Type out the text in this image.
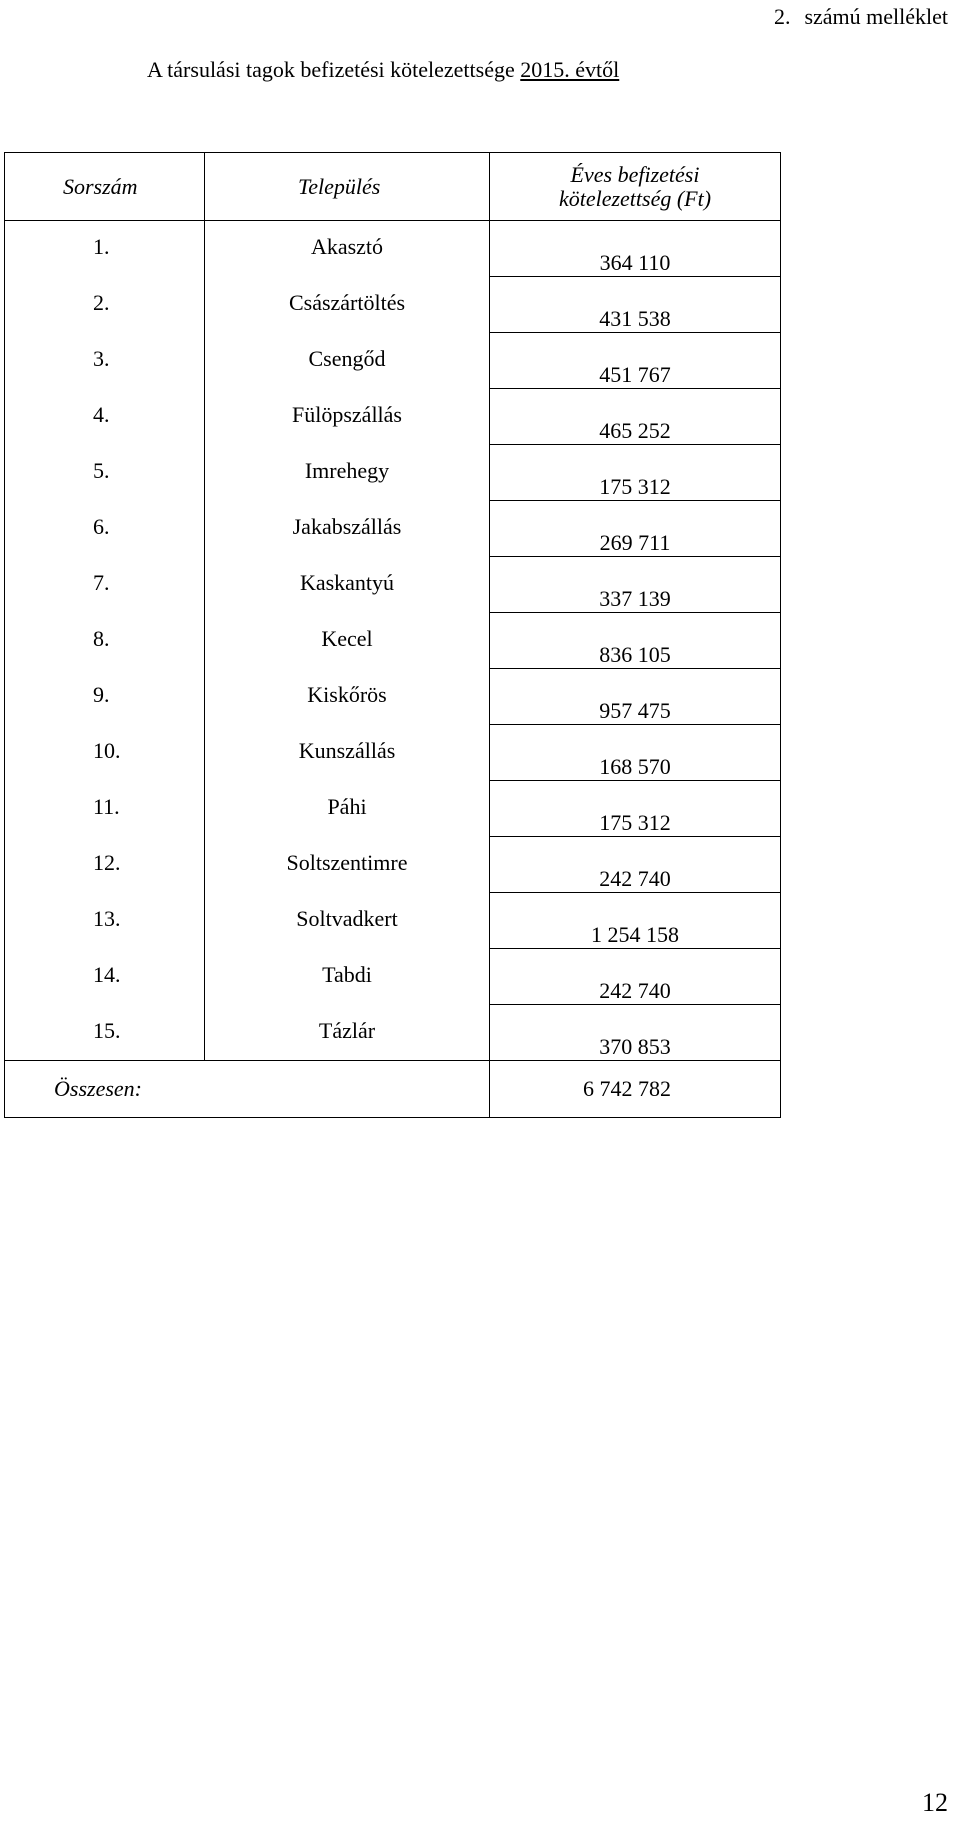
2. számú melléklet
A társulási tagok befizetési kötelezettsége 2015. évtől
Sorszám	Település	Éves befizetési
kötelezettség (Ft)

1.	Akasztó	364 110
2.	Császártöltés	431 538
3.	Csengőd	451 767
4.	Fülöpszállás	465 252
5.	Imrehegy	175 312
6.	Jakabszállás	269 711
7.	Kaskantyú	337 139
8.	Kecel	836 105
9.	Kiskőrös	957 475
10.	Kunszállás	168 570
11.	Páhi	175 312
12.	Soltszentimre	242 740
13.	Soltvadkert	1 254 158
14.	Tabdi	242 740
15.	Tázlár	370 853
Összesen:		6 742 782
12
